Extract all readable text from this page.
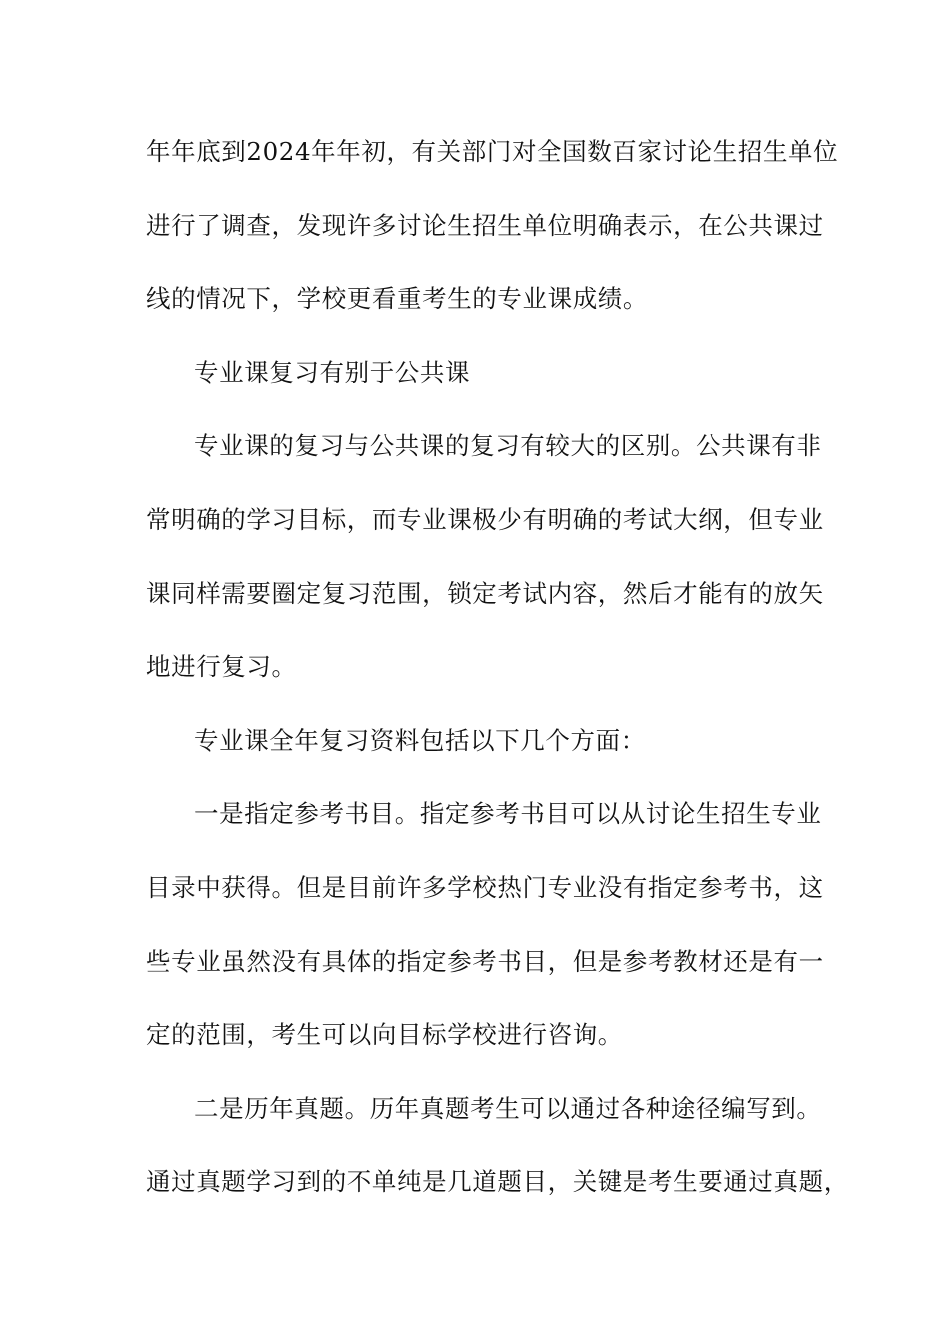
年年底到2024年年初，有关部门对全国数百家讨论生招生单位
进行了调查，发现许多讨论生招生单位明确表示，在公共课过
线的情况下，学校更看重考生的专业课成绩。
专业课复习有别于公共课
专业课的复习与公共课的复习有较大的区别。公共课有非
常明确的学习目标，而专业课极少有明确的考试大纲，但专业
课同样需要圈定复习范围，锁定考试内容，然后才能有的放矢
地进行复习。
专业课全年复习资料包括以下几个方面：
一是指定参考书目。指定参考书目可以从讨论生招生专业
目录中获得。但是目前许多学校热门专业没有指定参考书，这
些专业虽然没有具体的指定参考书目，但是参考教材还是有一
定的范围，考生可以向目标学校进行咨询。
二是历年真题。历年真题考生可以通过各种途径编写到。
通过真题学习到的不单纯是几道题目，关键是考生要通过真题，
